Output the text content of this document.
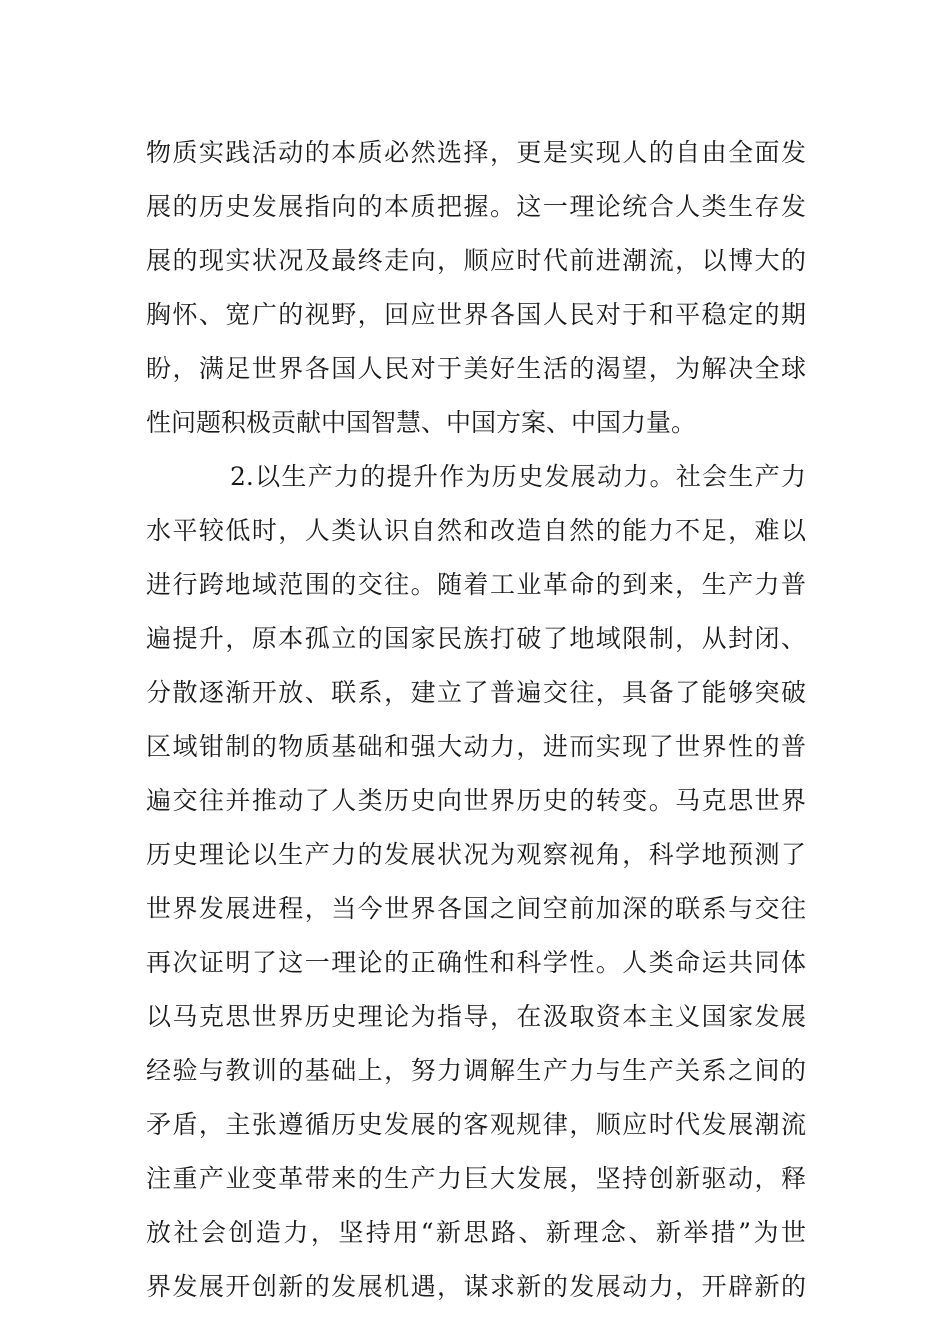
物质实践活动的本质必然选择，更是实现人的自由全面发
展的历史发展指向的本质把握。这一理论统合人类生存发
展的现实状况及最终走向，顺应时代前进潮流，以博大的
胸怀、宽广的视野，回应世界各国人民对于和平稳定的期
盼，满足世界各国人民对于美好生活的渴望，为解决全球
性问题积极贡献中国智慧、中国方案、中国力量。
2.以生产力的提升作为历史发展动力。社会生产力
水平较低时，人类认识自然和改造自然的能力不足，难以
进行跨地域范围的交往。随着工业革命的到来，生产力普
遍提升，原本孤立的国家民族打破了地域限制，从封闭、
分散逐渐开放、联系，建立了普遍交往，具备了能够突破
区域钳制的物质基础和强大动力，进而实现了世界性的普
遍交往并推动了人类历史向世界历史的转变。马克思世界
历史理论以生产力的发展状况为观察视角，科学地预测了
世界发展进程，当今世界各国之间空前加深的联系与交往
再次证明了这一理论的正确性和科学性。人类命运共同体
以马克思世界历史理论为指导，在汲取资本主义国家发展
经验与教训的基础上，努力调解生产力与生产关系之间的
矛盾，主张遵循历史发展的客观规律，顺应时代发展潮流
注重产业变革带来的生产力巨大发展，坚持创新驱动，释
放社会创造力，坚持用“新思路、新理念、新举措”为世
界发展开创新的发展机遇，谋求新的发展动力，开辟新的
